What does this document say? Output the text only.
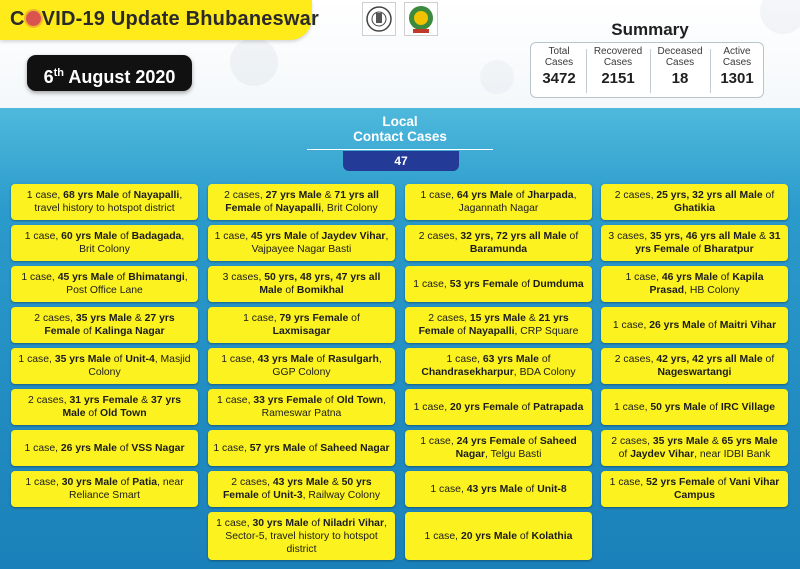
C VID-19 Update Bhubaneswar
6th August 2020
Summary
Total
Cases
3472
Recovered
Cases
2151
Deceased
Cases
18
Active
Cases
1301
Local
Contact Cases
47
1 case, 68 yrs Male of Nayapalli, travel history to hotspot district
1 case, 60 yrs Male of Badagada, Brit Colony
1 case, 45 yrs Male of Bhimatangi, Post Office Lane
2 cases, 35 yrs Male & 27 yrs Female of Kalinga Nagar
1 case, 35 yrs Male of Unit-4, Masjid Colony
2 cases, 31 yrs Female & 37 yrs Male of Old Town
1 case, 26 yrs Male of VSS Nagar
1 case, 30 yrs Male of Patia, near Reliance Smart
2 cases, 27 yrs Male & 71 yrs all Female of Nayapalli, Brit Colony
1 case, 45 yrs Male of Jaydev Vihar, Vajpayee Nagar Basti
3 cases, 50 yrs, 48 yrs, 47 yrs all Male of Bomikhal
1 case, 79 yrs Female of Laxmisagar
1 case, 43 yrs Male of Rasulgarh, GGP Colony
1 case, 33 yrs Female of Old Town, Rameswar Patna
1 case, 57 yrs Male of Saheed Nagar
2 cases, 43 yrs Male & 50 yrs Female of Unit-3, Railway Colony
1 case, 30 yrs Male of Niladri Vihar, Sector-5, travel history to hotspot district
1 case, 64 yrs Male of Jharpada, Jagannath Nagar
2 cases, 32 yrs, 72 yrs all Male of Baramunda
1 case, 53 yrs Female of Dumduma
2 cases, 15 yrs Male & 21 yrs Female of Nayapalli, CRP Square
1 case, 63 yrs Male of Chandrasekharpur, BDA Colony
1 case, 20 yrs Female of Patrapada
1 case, 24 yrs Female of Saheed Nagar, Telgu Basti
1 case, 43 yrs Male of Unit-8
1 case, 20 yrs Male of Kolathia
2 cases, 25 yrs, 32 yrs all Male of Ghatikia
3 cases, 35 yrs, 46 yrs all Male & 31 yrs Female of Bharatpur
1 case, 46 yrs Male of Kapila Prasad, HB Colony
1 case, 26 yrs Male of Maitri Vihar
2 cases, 42 yrs, 42 yrs all Male of Nageswartangi
1 case, 50 yrs Male of IRC Village
2 cases, 35 yrs Male & 65 yrs Male of Jaydev Vihar, near IDBI Bank
1 case, 52 yrs Female of Vani Vihar Campus
